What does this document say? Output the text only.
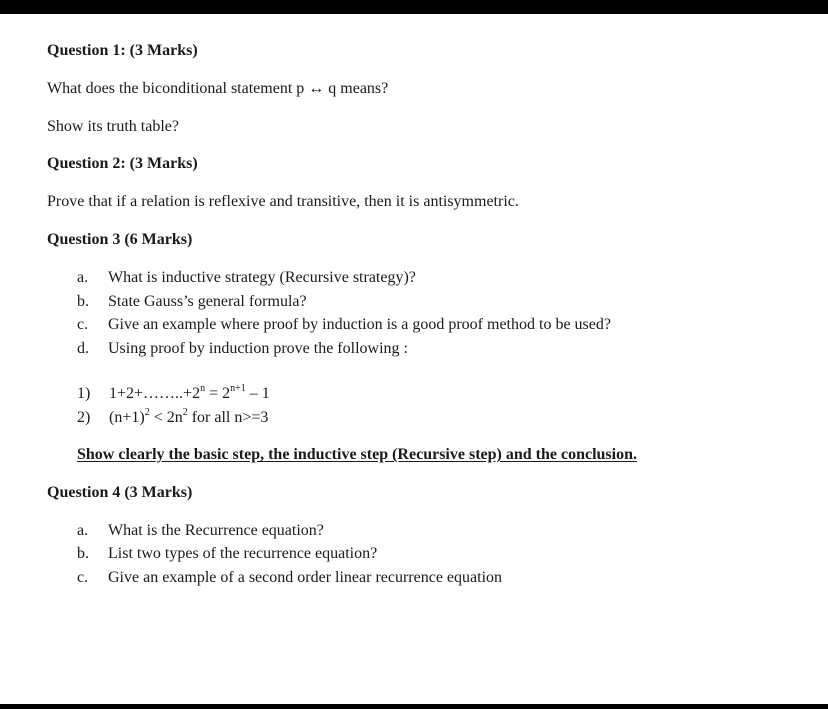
Question 1: (3 Marks)
What does the biconditional statement p ↔ q means?
Show its truth table?
Question 2: (3 Marks)
Prove that if a relation is reflexive and transitive, then it is antisymmetric.
Question 3 (6 Marks)
a. What is inductive strategy (Recursive strategy)?
b. State Gauss’s general formula?
c. Give an example where proof by induction is a good proof method to be used?
d. Using proof by induction prove the following :
1) $1+2+\dots\dots..+2^n = 2^{n+1} - 1$
2) $(n+1)^2 < 2n^2$ for all n>=3
Show clearly the basic step, the inductive step (Recursive step) and the conclusion.
Question 4 (3 Marks)
a. What is the Recurrence equation?
b. List two types of the recurrence equation?
c. Give an example of a second order linear recurrence equation
